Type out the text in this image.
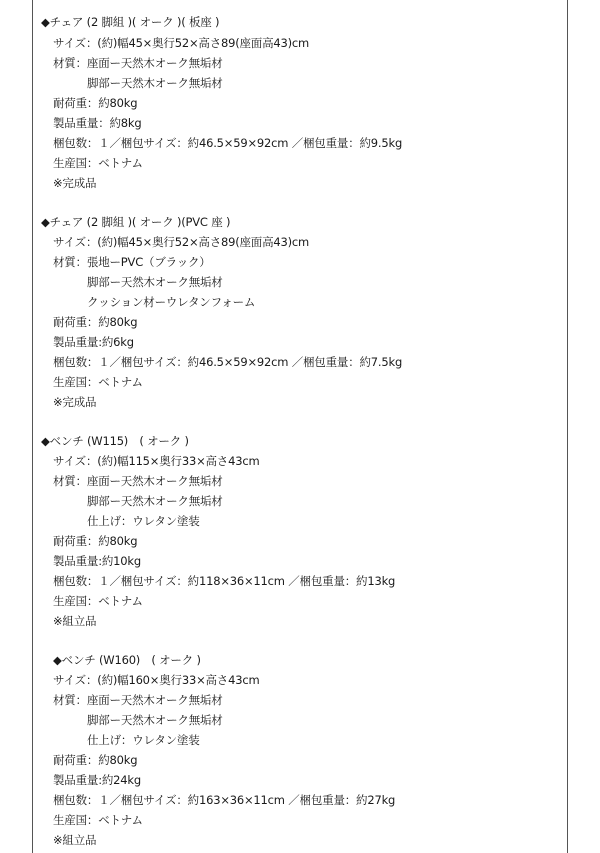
◆チェア (2 脚組 )( オーク )( 板座 )
サイズ：(約)幅45×奥行52×高さ89(座面高43)cm
材質：座面ー天然木オーク無垢材
脚部ー天然木オーク無垢材
耐荷重：約80kg
製品重量：約8kg
梱包数：１／梱包サイズ：約46.5×59×92cm ／梱包重量：約9.5kg
生産国：ベトナム
※完成品
◆チェア (2 脚組 )( オーク )(PVC 座 )
サイズ：(約)幅45×奥行52×高さ89(座面高43)cm
材質：張地ーPVC（ブラック）
脚部ー天然木オーク無垢材
クッション材ーウレタンフォーム
耐荷重：約80kg
製品重量:約6kg
梱包数：１／梱包サイズ：約46.5×59×92cm ／梱包重量：約7.5kg
生産国：ベトナム
※完成品
◆ベンチ (W115)　( オーク )
サイズ：(約)幅115×奥行33×高さ43cm
材質：座面ー天然木オーク無垢材
脚部ー天然木オーク無垢材
仕上げ：ウレタン塗装
耐荷重：約80kg
製品重量:約10kg
梱包数：１／梱包サイズ：約118×36×11cm ／梱包重量：約13kg
生産国：ベトナム
※組立品
◆ベンチ (W160)　( オーク )
サイズ：(約)幅160×奥行33×高さ43cm
材質：座面ー天然木オーク無垢材
脚部ー天然木オーク無垢材
仕上げ：ウレタン塗装
耐荷重：約80kg
製品重量:約24kg
梱包数：１／梱包サイズ：約163×36×11cm ／梱包重量：約27kg
生産国：ベトナム
※組立品
